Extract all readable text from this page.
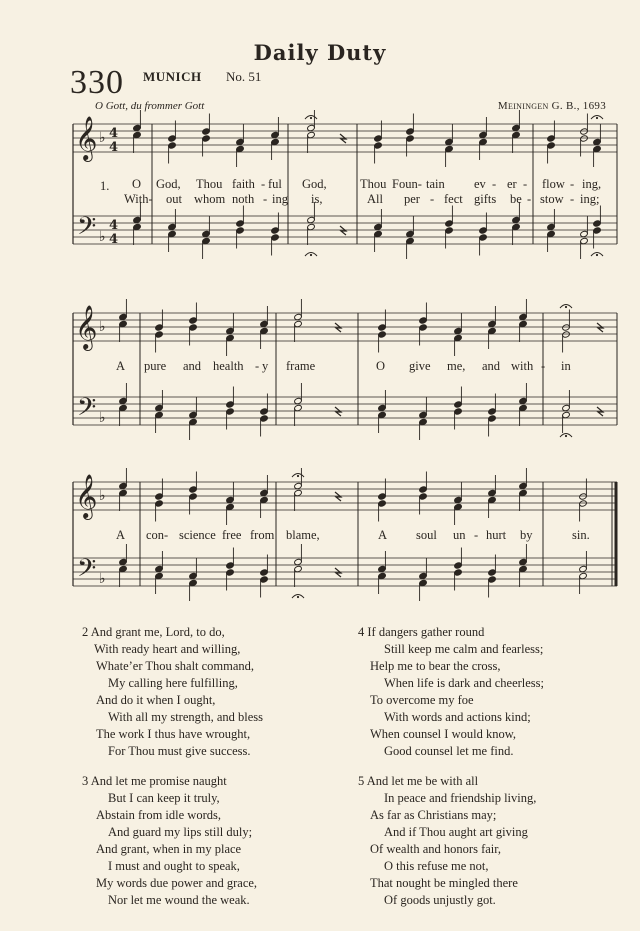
Daily Duty
330 MUNICH No. 51
O Gott, du frommer Gott	Meiningen G. B., 1693
𝄞
𝄢
♭
♭
4
4
4
4
𝄞
𝄢
♭
♭
𝄞
𝄢
♭
♭
1. O God, Thou faith - ful God,	Thou Foun- tain ev - er - flow - ing,
With- out whom noth - ing is,	All per - fect gifts be - stow - ing;
A pure and health - y frame	O give me, and with - in
A con- science free from blame,	A soul un - hurt by	sin.
2 And grant me, Lord, to do,
With ready heart and willing,
Whate’er Thou shalt command,
My calling here fulfilling,
And do it when I ought,
With all my strength, and bless
The work I thus have wrought,
For Thou must give success.
3 And let me promise naught
But I can keep it truly,
Abstain from idle words,
And guard my lips still duly;
And grant, when in my place
I must and ought to speak,
My words due power and grace,
Nor let me wound the weak.
4 If dangers gather round
Still keep me calm and fearless;
Help me to bear the cross,
When life is dark and cheerless;
To overcome my foe
With words and actions kind;
When counsel I would know,
Good counsel let me find.
5 And let me be with all
In peace and friendship living,
As far as Christians may;
And if Thou aught art giving
Of wealth and honors fair,
O this refuse me not,
That nought be mingled there
Of goods unjustly got.
